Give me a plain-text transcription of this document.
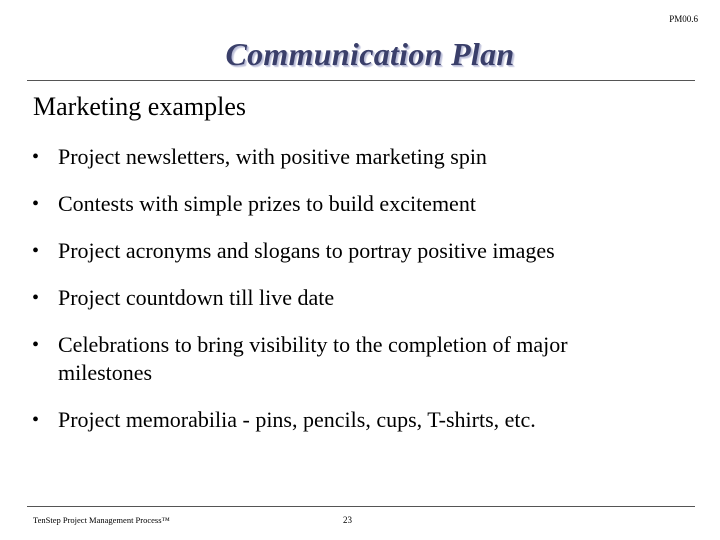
PM00.6
Communication Plan
Marketing examples
• Project newsletters, with positive marketing spin
• Contests with simple prizes to build excitement
• Project acronyms and slogans to portray positive images
• Project countdown till live date
• Celebrations to bring visibility to the completion of major milestones
• Project memorabilia - pins, pencils, cups, T-shirts, etc.
TenStep Project Management Process™	23
